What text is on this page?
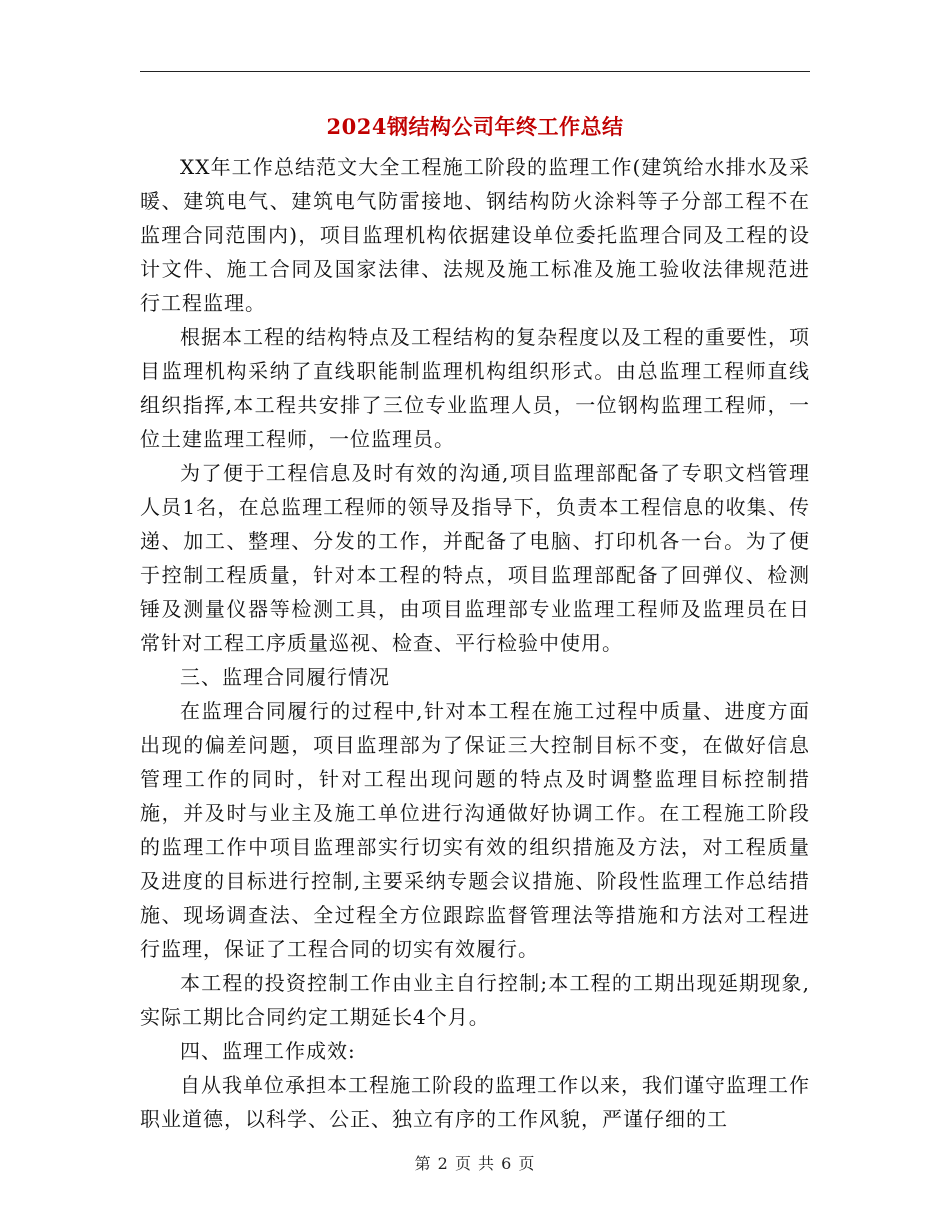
2024钢结构公司年终工作总结

XX年工作总结范文大全工程施工阶段的监理工作(建筑给水排水及采暖、建筑电气、建筑电气防雷接地、钢结构防火涂料等子分部工程不在监理合同范围内)，项目监理机构依据建设单位委托监理合同及工程的设计文件、施工合同及国家法律、法规及施工标准及施工验收法律规范进行工程监理。

根据本工程的结构特点及工程结构的复杂程度以及工程的重要性，项目监理机构采纳了直线职能制监理机构组织形式。由总监理工程师直线组织指挥,本工程共安排了三位专业监理人员，一位钢构监理工程师，一位土建监理工程师，一位监理员。

为了便于工程信息及时有效的沟通,项目监理部配备了专职文档管理人员1名，在总监理工程师的领导及指导下，负责本工程信息的收集、传递、加工、整理、分发的工作，并配备了电脑、打印机各一台。为了便于控制工程质量，针对本工程的特点，项目监理部配备了回弹仪、检测锤及测量仪器等检测工具，由项目监理部专业监理工程师及监理员在日常针对工程工序质量巡视、检查、平行检验中使用。

三、监理合同履行情况

在监理合同履行的过程中,针对本工程在施工过程中质量、进度方面出现的偏差问题，项目监理部为了保证三大控制目标不变，在做好信息管理工作的同时，针对工程出现问题的特点及时调整监理目标控制措施，并及时与业主及施工单位进行沟通做好协调工作。在工程施工阶段的监理工作中项目监理部实行切实有效的组织措施及方法，对工程质量及进度的目标进行控制,主要采纳专题会议措施、阶段性监理工作总结措施、现场调查法、全过程全方位跟踪监督管理法等措施和方法对工程进行监理，保证了工程合同的切实有效履行。

本工程的投资控制工作由业主自行控制;本工程的工期出现延期现象,实际工期比合同约定工期延长4个月。

四、监理工作成效:

自从我单位承担本工程施工阶段的监理工作以来，我们谨守监理工作职业道德，以科学、公正、独立有序的工作风貌，严谨仔细的工

第 2 页 共 6 页
